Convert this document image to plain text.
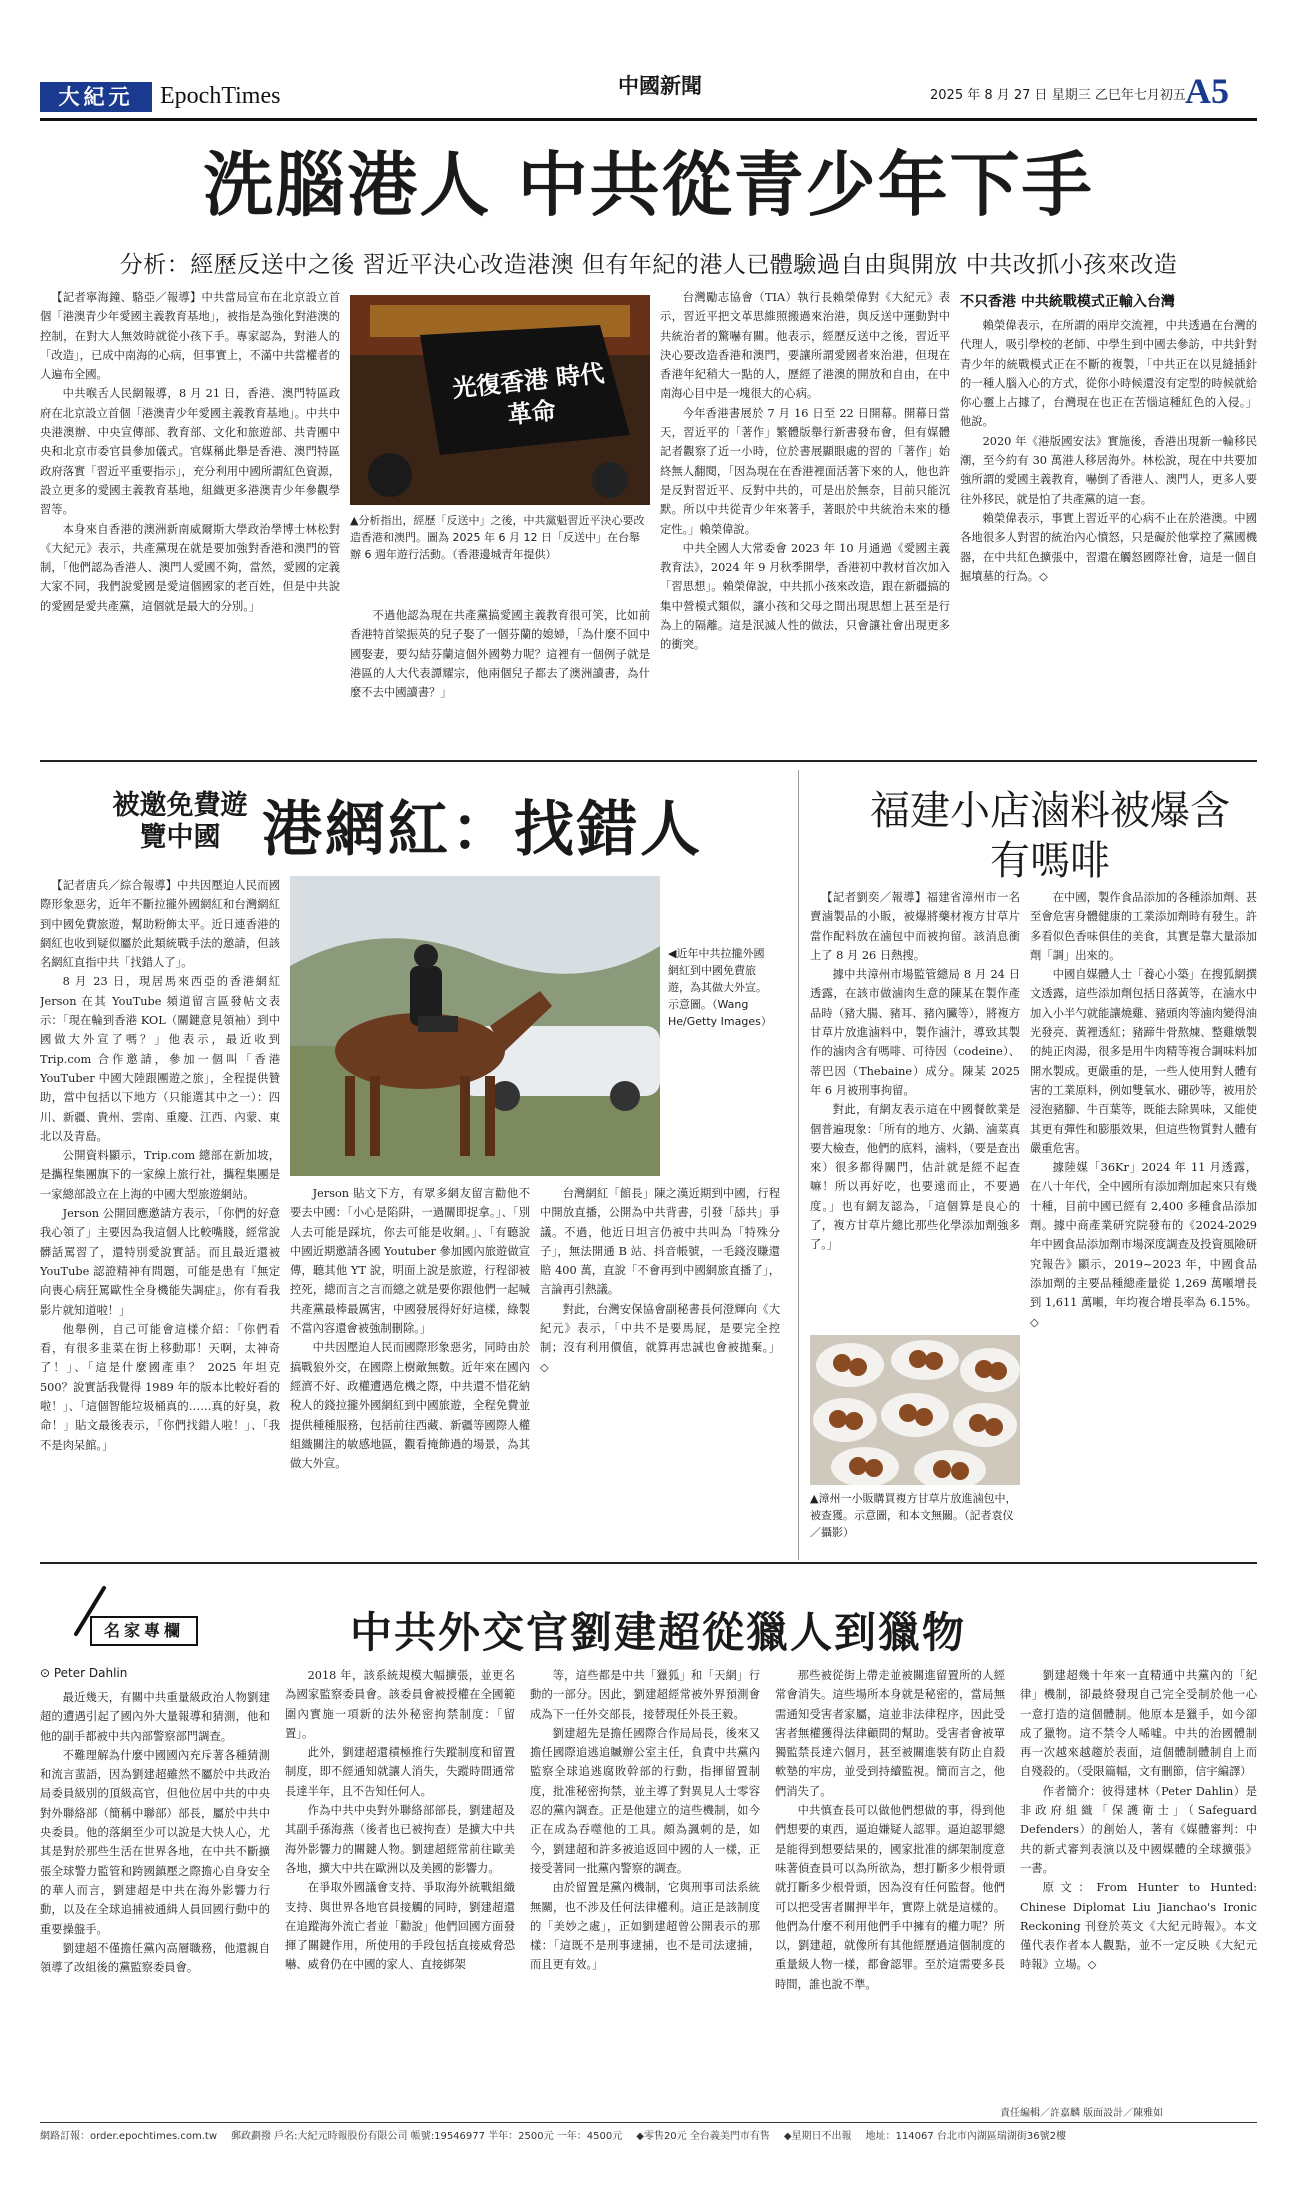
大紀元	EpochTimes	中國新聞	2025 年 8 月 27 日 星期三 乙巳年七月初五 A5
洗腦港人 中共從青少年下手
分析：經歷反送中之後 習近平決心改造港澳 但有年紀的港人已體驗過自由與開放 中共改抓小孩來改造

【記者寧海鐘、駱亞／報導】中共當局宣布在北京設立首個「港澳青少年愛國主義教育基地」，被指是為強化對港澳的控制，在對大人無效時就從小孩下手。專家認為，對港人的「改造」，已成中南海的心病，但事實上，不滿中共當權者的人遍布全國。

中共喉舌人民網報導，8 月 21 日，香港、澳門特區政府在北京設立首個「港澳青少年愛國主義教育基地」。中共中央港澳辦、中央宣傳部、教育部、文化和旅遊部、共青團中央和北京市委官員參加儀式。官媒稱此舉是香港、澳門特區政府落實「習近平重要指示」，充分利用中國所謂紅色資源，設立更多的愛國主義教育基地，組織更多港澳青少年參觀學習等。

本身來自香港的澳洲新南威爾斯大學政治學博士林松對《大紀元》表示，共產黨現在就是要加強對香港和澳門的管制，「他們認為香港人、澳門人愛國不夠，當然，愛國的定義大家不同，我們說愛國是愛這個國家的老百姓，但是中共說的愛國是愛共產黨，這個就是最大的分別。」

光復香港 時代革命
▲分析指出，經歷「反送中」之後，中共黨魁習近平決心要改造香港和澳門。圖為 2025 年 6 月 12 日「反送中」在台舉辦 6 週年遊行活動。（香港邊城青年提供）

不過他認為現在共產黨搞愛國主義教育很可笑，比如前香港特首梁振英的兒子娶了一個芬蘭的媳婦，「為什麼不回中國娶妻，要勾結芬蘭這個外國勢力呢？這裡有一個例子就是港區的人大代表譚耀宗，他兩個兒子都去了澳洲讀書，為什麼不去中國讀書？」

台灣勵志協會（TIA）執行長賴榮偉對《大紀元》表示，習近平把文革思維照搬過來治港，與反送中運動對中共統治者的驚嚇有關。他表示，經歷反送中之後，習近平決心要改造香港和澳門，要讓所謂愛國者來治港，但現在香港年紀稍大一點的人，歷經了港澳的開放和自由，在中南海心目中是一塊很大的心病。

今年香港書展於 7 月 16 日至 22 日開幕。開幕日當天，習近平的「著作」繁體版舉行新書發布會，但有媒體記者觀察了近一小時，位於書展顯眼處的習的「著作」始終無人翻閱，「因為現在在香港裡面活著下來的人，他也許是反對習近平、反對中共的，可是出於無奈，目前只能沉默。所以中共從青少年來著手，著眼於中共統治未來的穩定性。」賴榮偉說。

中共全國人大常委會 2023 年 10 月通過《愛國主義教育法》，2024 年 9 月秋季開學，香港初中教材首次加入「習思想」。賴榮偉說，中共抓小孩來改造，跟在新疆搞的集中營模式類似，讓小孩和父母之間出現思想上甚至是行為上的隔離。這是泯滅人性的做法，只會讓社會出現更多的衝突。

不只香港 中共統戰模式正輸入台灣

賴榮偉表示，在所謂的兩岸交流裡，中共透過在台灣的代理人，吸引學校的老師、中學生到中國去參訪，中共針對青少年的統戰模式正在不斷的複製，「中共正在以見縫插針的一種人腦入心的方式，從你小時候還沒有定型的時候就給你心靈上占據了，台灣現在也正在苦惱這種紅色的入侵。」他說。

2020 年《港版國安法》實施後，香港出現新一輪移民潮，至今約有 30 萬港人移居海外。林松說，現在中共要加強所謂的愛國主義教育，嚇倒了香港人、澳門人，更多人要往外移民，就是怕了共產黨的這一套。

賴榮偉表示，事實上習近平的心病不止在於港澳。中國各地很多人對習的統治內心憤怒，只是礙於他掌控了黨國機器，在中共紅色擴張中，習還在觸怒國際社會，這是一個自掘墳墓的行為。◇

被邀免費遊覽中國 港網紅：找錯人

【記者唐兵／綜合報導】中共因壓迫人民而國際形象惡劣，近年不斷拉攏外國網紅和台灣網紅到中國免費旅遊，幫助粉飾太平。近日連香港的網紅也收到疑似屬於此類統戰手法的邀請，但該名網紅直指中共「找錯人了」。

8 月 23 日，現居馬來西亞的香港網紅 Jerson 在其 YouTube 頻道留言區發帖文表示：「現在輪到香港 KOL（關鍵意見領袖）到中國做大外宣了嗎？」他表示，最近收到 Trip.com 合作邀請，參加一個叫「香港 YouTuber 中國大陸跟團遊之旅」，全程提供贊助，當中包括以下地方（只能選其中之一）：四川、新疆、貴州、雲南、重慶、江西、內蒙、東北以及青島。

公開資料顯示，Trip.com 總部在新加坡，是攜程集團旗下的一家線上旅行社，攜程集團是一家總部設立在上海的中國大型旅遊網站。

Jerson 公開回應邀請方表示，「你們的好意我心領了」主要因為我這個人比較嘴賤，經常說髒話罵習了，還特別愛說實話。而且最近還被 YouTube 認證精神有問題，可能是患有『無定向喪心病狂罵歐性全身機能失調症』，你有看我影片就知道啦！」

他舉例，自己可能會這樣介紹：「你們看看，有很多韭菜在街上移動耶！天啊，太神奇了！」、「這是什麼國產車？ 2025 年坦克 500？說實話我覺得 1989 年的版本比較好看的啦！」、「這個智能垃圾桶真的……真的好臭，救命！」貼文最後表示，「你們找錯人啦！」、「我不是肉呆館。」

◀近年中共拉攏外國網紅到中國免費旅遊，為其做大外宣。示意圖。（Wang He/Getty Images）

Jerson 貼文下方，有眾多網友留言勸他不要去中國：「小心是陷阱，一過關即捉拿。」、「別人去可能是踩坑，你去可能是收網。」、「有聽說中國近期邀請各國 Youtuber 參加國內旅遊做宣傳，聽其他 YT 說，明面上說是旅遊，行程卻被控死，總而言之言而總之就是要你跟他們一起喊共產黨最棒最厲害，中國發展得好好這樣，綠製不當內容還會被強制刪除。」

中共因壓迫人民而國際形象惡劣，同時由於搞戰狼外交，在國際上樹敵無數。近年來在國內經濟不好、政權遭遇危機之際，中共還不惜花納稅人的錢拉攏外國網紅到中國旅遊，全程免費並提供種種服務，包括前往西藏、新疆等國際人權組織關注的敏感地區，觀看掩飾過的場景，為其做大外宣。

台灣網紅「館長」陳之漢近期到中國，行程中開放直播，公開為中共背書，引發「舔共」爭議。不過，他近日坦言仍被中共叫為「特殊分子」，無法開通 B 站、抖音帳號，一毛錢沒賺還賠 400 萬，直說「不會再到中國網旅直播了」，言論再引熱議。

對此，台灣安保協會副秘書長何澄輝向《大紀元》表示，「中共不是要馬屁，是要完全控制；沒有利用價值，就算再忠誠也會被拋棄。」◇

福建小店滷料被爆含有嗎啡

【記者劉奕／報導】福建省漳州市一名賣滷製品的小販，被爆將藥材複方甘草片當作配料放在滷包中而被拘留。該消息衝上了 8 月 26 日熱搜。

據中共漳州市場監管總局 8 月 24 日透露，在該市做滷肉生意的陳某在製作產品時（豬大腸、豬耳、豬內臟等），將複方甘草片放進滷料中，製作滷汁，導致其製作的滷肉含有嗎啡、可待因（codeine）、蒂巴因（Thebaine）成分。陳某 2025 年 6 月被刑事拘留。

對此，有網友表示這在中國餐飲業是個普遍現象：「所有的地方、火鍋、滷菜真要大檢查，他們的底料，滷料，（要是查出來）很多都得關門，估計就是經不起查嘛！所以再好吃，也要遠而止，不要過度。」也有網友認為，「這個算是良心的了，複方甘草片總比那些化學添加劑強多了。」

▲漳州一小販購買複方甘草片放進滷包中，被查獲。示意圖，和本文無關。（記者袁仪／攝影）

在中國，製作食品添加的各種添加劑、甚至會危害身體健康的工業添加劑時有發生。許多看似色香味俱佳的美食，其實是靠大量添加劑「調」出來的。

中國自媒體人士「養心小築」在搜狐網撰文透露，這些添加劑包括日落黃等，在滷水中加入小半勺就能讓燒雞、豬頭肉等滷肉變得油光發亮、黃裡透紅；豬蹄牛骨熬煉、整雞燉製的純正肉湯，很多是用牛肉精等複合調味料加開水製成。更嚴重的是，一些人使用對人體有害的工業原料，例如雙氧水、硼砂等，被用於浸泡豬腳、牛百葉等，既能去除異味，又能使其更有彈性和膨脹效果，但這些物質對人體有嚴重危害。

據陸媒「36Kr」2024 年 11 月透露，在八十年代，全中國所有添加劑加起來只有幾十種，目前中國已經有 2,400 多種食品添加劑。據中商產業研究院發布的《2024-2029 年中國食品添加劑市場深度調查及投資風險研究報告》顯示，2019~2023 年，中國食品添加劑的主要品種總產量從 1,269 萬噸增長到 1,611 萬噸，年均複合增長率為 6.15%。◇

名家專欄	中共外交官劉建超從獵人到獵物
⊙ Peter Dahlin

最近幾天，有關中共重量級政治人物劉建超的遭遇引起了國內外大量報導和猜測，他和他的副手都被中共內部警察部門調查。

不難理解為什麼中國國內充斥著各種猜測和流言蜚語，因為劉建超雖然不屬於中共政治局委員級別的頂級高官，但他位居中共的中央對外聯絡部（簡稱中聯部）部長，屬於中共中央委員。他的落網至少可以說是大快人心，尤其是對於那些生活在世界各地，在中共不斷擴張全球警力監管和跨國鎮壓之際擔心自身安全的華人而言，劉建超是中共在海外影響力行動，以及在全球追捕被通緝人員回國行動中的重要操盤手。

劉建超不僅擔任黨內高層職務，他還親自領導了改組後的黨監察委員會。

2018 年，該系統規模大幅擴張，並更名為國家監察委員會。該委員會被授權在全國範圍內實施一項新的法外秘密拘禁制度：「留置」。

此外，劉建超還積極推行失蹤制度和留置制度，即不經通知就讓人消失，失蹤時間通常長達半年，且不告知任何人。

作為中共中央對外聯絡部部長，劉建超及其副手孫海燕（後者也已被拘查）是擴大中共海外影響力的關鍵人物。劉建超經常前往歐美各地，擴大中共在歐洲以及美國的影響力。

在爭取外國議會支持、爭取海外統戰組織支持、與世界各地官員接觸的同時，劉建超還在追蹤海外流亡者並「勸說」他們回國方面發揮了關鍵作用，所使用的手段包括直接威脅恐嚇、威脅仍在中國的家人、直接綁架

等，這些都是中共「獵狐」和「天網」行動的一部分。因此，劉建超經常被外界預測會成為下一任外交部長，接替現任外長王毅。

劉建超先是擔任國際合作局局長，後來又擔任國際追逃追贓辦公室主任，負責中共黨內監察全球追逃腐敗幹部的行動，指揮留置制度，批准秘密拘禁，並主導了對異見人士零容忍的黨內調查。正是他建立的這些機制，如今正在成為吞噬他的工具。頗為諷刺的是，如今，劉建超和許多被追返回中國的人一樣，正接受著同一批黨內警察的調查。

由於留置是黨內機制，它與刑事司法系統無關，也不涉及任何法律權利。這正是該制度的「美妙之處」，正如劉建超曾公開表示的那樣：「這既不是刑事逮捕，也不是司法逮捕，而且更有效。」

那些被從街上帶走並被關進留置所的人經常會消失。這些場所本身就是秘密的，當局無需通知受害者家屬，這並非法律程序，因此受害者無權獲得法律顧問的幫助。受害者會被單獨監禁長達六個月，甚至被關進裝有防止自殺軟墊的牢房，並受到持續監視。簡而言之，他們消失了。

中共慎查長可以做他們想做的事，得到他們想要的東西，逼迫嫌疑人認罪。逼迫認罪總是能得到想要結果的，國家批准的綁架制度意味著偵查員可以為所欲為，想打斷多少根骨頭就打斷多少根骨頭，因為沒有任何監督。他們可以把受害者關押半年，實際上就是這樣的。他們為什麼不利用他們手中擁有的權力呢？所以，劉建超，就像所有其他經歷過這個制度的重量級人物一樣，都會認罪。至於這需要多長時間，誰也說不準。

劉建超幾十年來一直精通中共黨內的「紀律」機制，卻最終發現自己完全受制於他一心一意打造的這個體制。他原本是獵手，如今卻成了獵物。這不禁令人唏噓。中共的治國體制再一次越來越趨於表面，這個體制體制自上而自殘殺的。（受限篇幅，文有刪節，信宇編譯）

作者簡介：彼得建林（Peter Dahlin）是非政府組織「保護衛士」（Safeguard Defenders）的創始人，著有《媒體審判：中共的新式審判表演以及中國媒體的全球擴張》一書。

原文：From Hunter to Hunted: Chinese Diplomat Liu Jianchao's Ironic Reckoning 刊登於英文《大紀元時報》。本文僅代表作者本人觀點，並不一定反映《大紀元時報》立場。◇

責任編輯／許嘉麟 版面設計／陳雅如
網路訂報：order.epochtimes.com.tw 郵政劃撥 戶名:大紀元時報股份有限公司 帳號:19546977 半年：2500元 一年：4500元 ◆零售20元 全台義美門市有售 ◆星期日不出報 地址：114067 台北市內湖區瑞湖街36號2樓
